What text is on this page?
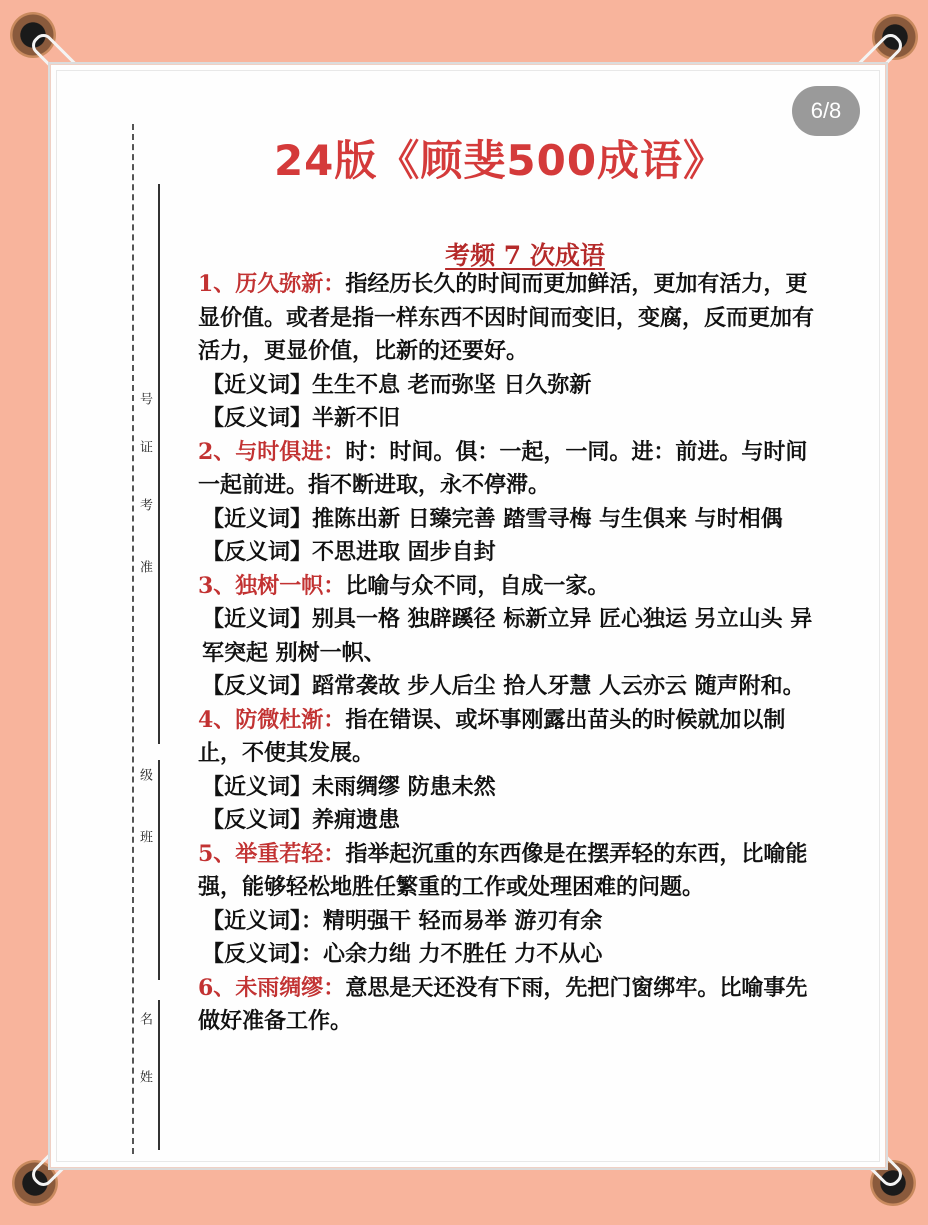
6/8
号
证
考
准
级
班
名
姓
24版《顾斐500成语》
考频 7 次成语

1、历久弥新：指经历长久的时间而更加鲜活，更加有活力，更显价值。或者是指一样东西不因时间而变旧，变腐，反而更加有活力，更显价值，比新的还要好。

【近义词】生生不息 老而弥坚 日久弥新

【反义词】半新不旧

2、与时俱进：时：时间。俱：一起，一同。进：前进。与时间一起前进。指不断进取，永不停滞。

【近义词】推陈出新 日臻完善 踏雪寻梅 与生俱来 与时相偶

【反义词】不思进取 固步自封

3、独树一帜：比喻与众不同，自成一家。

【近义词】别具一格 独辟蹊径 标新立异 匠心独运 另立山头 异军突起 别树一帜、

【反义词】蹈常袭故 步人后尘 拾人牙慧 人云亦云 随声附和。

4、防微杜渐：指在错误、或坏事刚露出苗头的时候就加以制止，不使其发展。

【近义词】未雨绸缪 防患未然

【反义词】养痈遗患

5、举重若轻：指举起沉重的东西像是在摆弄轻的东西，比喻能强，能够轻松地胜任繁重的工作或处理困难的问题。

【近义词】：精明强干 轻而易举 游刃有余

【反义词】：心余力绌 力不胜任 力不从心

6、未雨绸缪：意思是天还没有下雨，先把门窗绑牢。比喻事先做好准备工作。
